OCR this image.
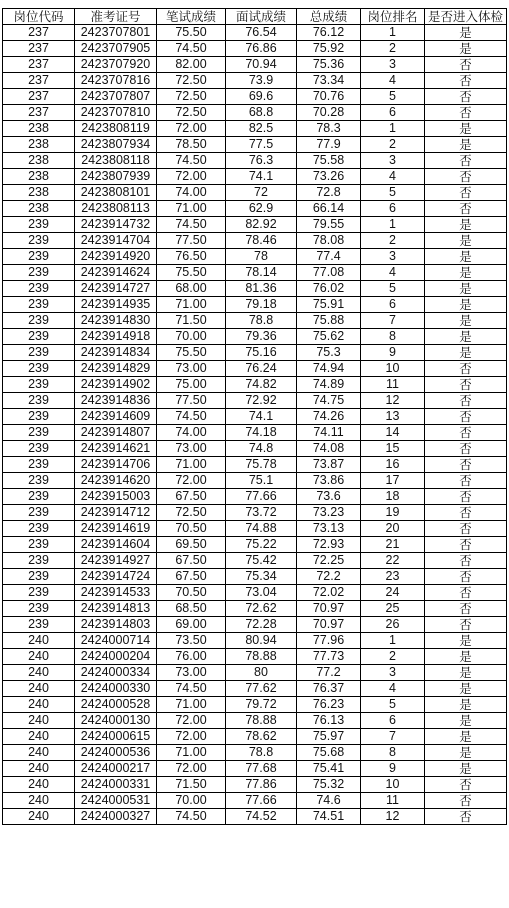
岗位代码	准考证号	笔试成绩	面试成绩	总成绩	岗位排名	是否进入体检
237	2423707801	75.50	76.54	76.12	1	是
237	2423707905	74.50	76.86	75.92	2	是
237	2423707920	82.00	70.94	75.36	3	否
237	2423707816	72.50	73.9	73.34	4	否
237	2423707807	72.50	69.6	70.76	5	否
237	2423707810	72.50	68.8	70.28	6	否
238	2423808119	72.00	82.5	78.3	1	是
238	2423807934	78.50	77.5	77.9	2	是
238	2423808118	74.50	76.3	75.58	3	否
238	2423807939	72.00	74.1	73.26	4	否
238	2423808101	74.00	72	72.8	5	否
238	2423808113	71.00	62.9	66.14	6	否
239	2423914732	74.50	82.92	79.55	1	是
239	2423914704	77.50	78.46	78.08	2	是
239	2423914920	76.50	78	77.4	3	是
239	2423914624	75.50	78.14	77.08	4	是
239	2423914727	68.00	81.36	76.02	5	是
239	2423914935	71.00	79.18	75.91	6	是
239	2423914830	71.50	78.8	75.88	7	是
239	2423914918	70.00	79.36	75.62	8	是
239	2423914834	75.50	75.16	75.3	9	是
239	2423914829	73.00	76.24	74.94	10	否
239	2423914902	75.00	74.82	74.89	11	否
239	2423914836	77.50	72.92	74.75	12	否
239	2423914609	74.50	74.1	74.26	13	否
239	2423914807	74.00	74.18	74.11	14	否
239	2423914621	73.00	74.8	74.08	15	否
239	2423914706	71.00	75.78	73.87	16	否
239	2423914620	72.00	75.1	73.86	17	否
239	2423915003	67.50	77.66	73.6	18	否
239	2423914712	72.50	73.72	73.23	19	否
239	2423914619	70.50	74.88	73.13	20	否
239	2423914604	69.50	75.22	72.93	21	否
239	2423914927	67.50	75.42	72.25	22	否
239	2423914724	67.50	75.34	72.2	23	否
239	2423914533	70.50	73.04	72.02	24	否
239	2423914813	68.50	72.62	70.97	25	否
239	2423914803	69.00	72.28	70.97	26	否
240	2424000714	73.50	80.94	77.96	1	是
240	2424000204	76.00	78.88	77.73	2	是
240	2424000334	73.00	80	77.2	3	是
240	2424000330	74.50	77.62	76.37	4	是
240	2424000528	71.00	79.72	76.23	5	是
240	2424000130	72.00	78.88	76.13	6	是
240	2424000615	72.00	78.62	75.97	7	是
240	2424000536	71.00	78.8	75.68	8	是
240	2424000217	72.00	77.68	75.41	9	是
240	2424000331	71.50	77.86	75.32	10	否
240	2424000531	70.00	77.66	74.6	11	否
240	2424000327	74.50	74.52	74.51	12	否
